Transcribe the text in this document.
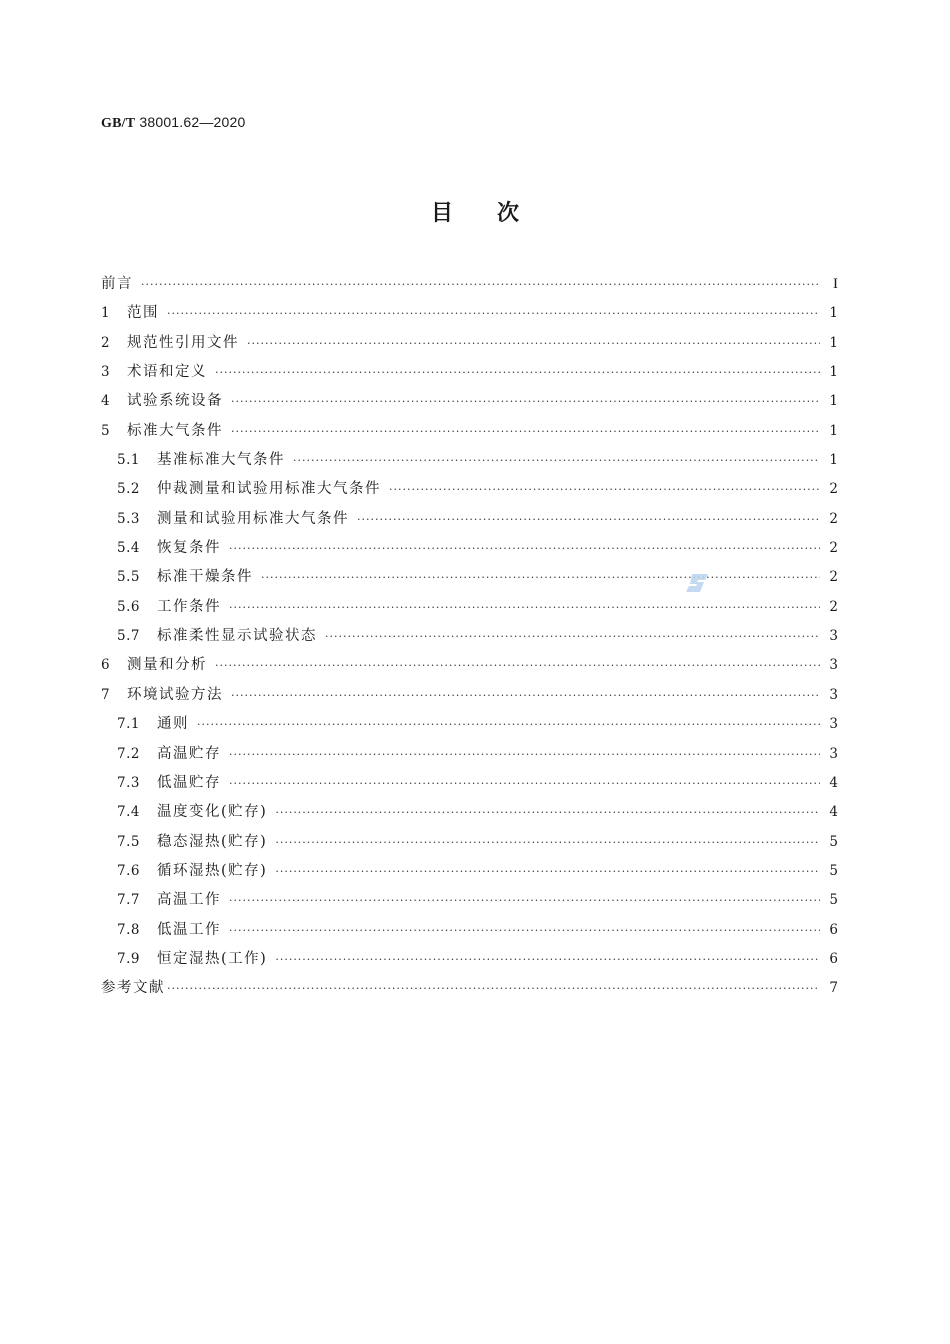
GB/T 38001.62—2020
目 次
前言 ·····	I
1	范围 ·····	1
2	规范性引用文件 ·····	1
3	术语和定义 ·····	1
4	试验系统设备 ·····	1
5	标准大气条件 ·····	1
5.1	基准标准大气条件 ·····	1
5.2	仲裁测量和试验用标准大气条件 ·····	2
5.3	测量和试验用标准大气条件 ·····	2
5.4	恢复条件 ·····	2
5.5	标准干燥条件 ·····	2
5.6	工作条件 ·····	2
5.7	标准柔性显示试验状态 ·····	3
6	测量和分析 ·····	3
7	环境试验方法 ·····	3
7.1	通则 ·····	3
7.2	高温贮存 ·····	3
7.3	低温贮存 ·····	4
7.4	温度变化(贮存) ·····	4
7.5	稳态湿热(贮存) ·····	5
7.6	循环湿热(贮存) ·····	5
7.7	高温工作 ·····	5
7.8	低温工作 ·····	6
7.9	恒定湿热(工作) ·····	6
参考文献 ·····	7
